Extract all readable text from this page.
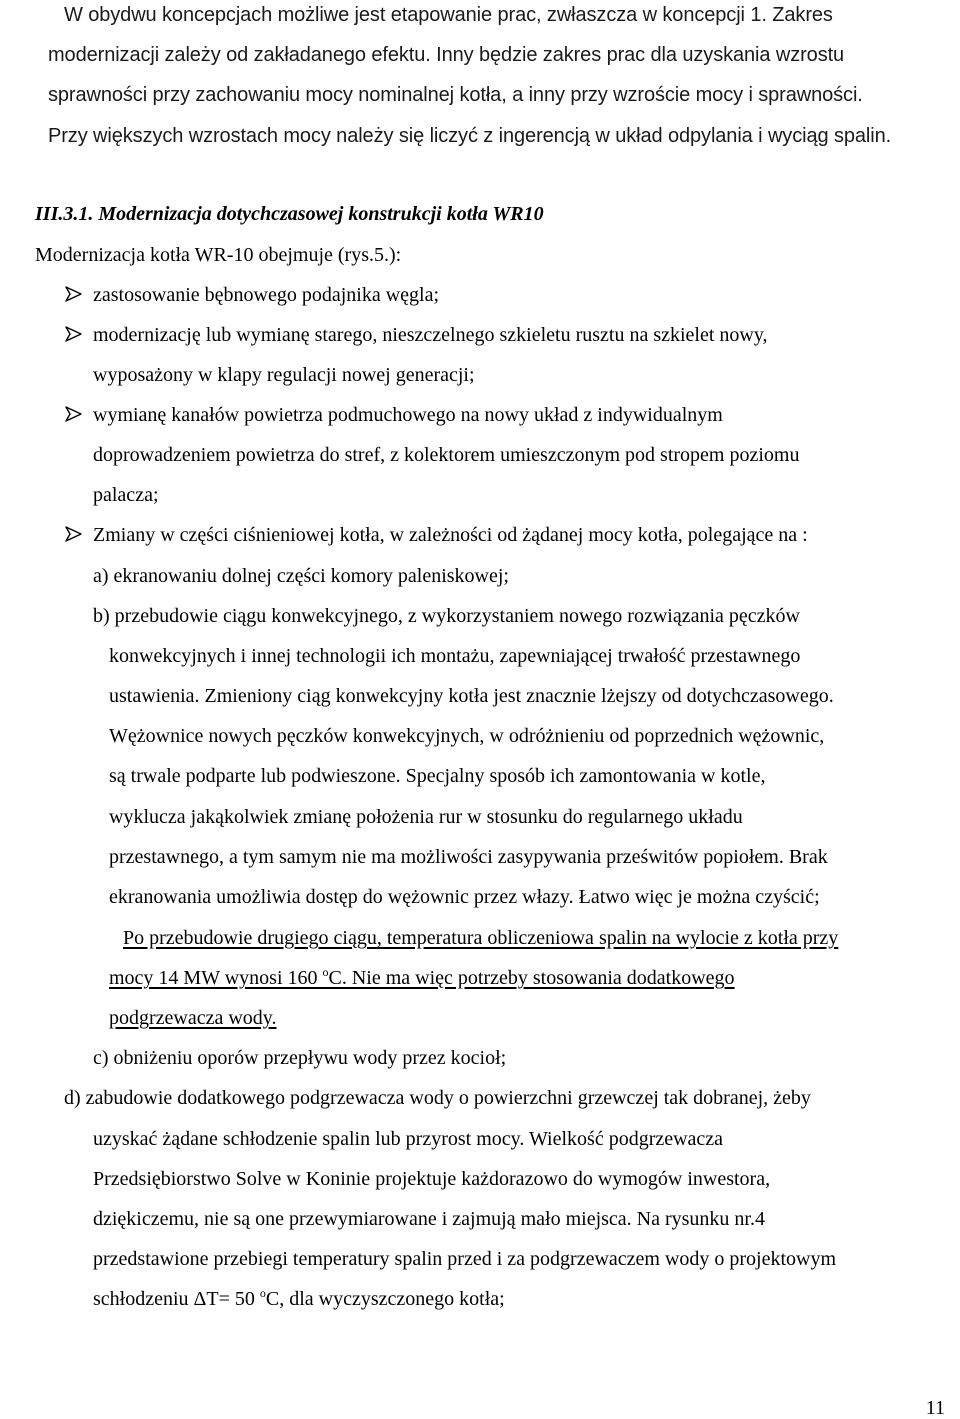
W obydwu koncepcjach możliwe jest etapowanie prac, zwłaszcza w koncepcji 1. Zakres
modernizacji zależy od zakładanego efektu. Inny będzie zakres prac dla uzyskania wzrostu
sprawności przy zachowaniu mocy nominalnej kotła, a inny przy wzroście mocy i sprawności.
Przy większych wzrostach mocy należy się liczyć z ingerencją w układ odpylania i wyciąg spalin.
III.3.1. Modernizacja dotychczasowej konstrukcji kotła WR10
Modernizacja kotła WR-10 obejmuje (rys.5.):
zastosowanie bębnowego podajnika węgla;
modernizację lub wymianę starego, nieszczelnego szkieletu rusztu na szkielet nowy,
wyposażony w klapy regulacji nowej generacji;
wymianę kanałów powietrza podmuchowego na nowy układ z indywidualnym
doprowadzeniem powietrza do stref, z kolektorem umieszczonym pod stropem poziomu
palacza;
Zmiany w części ciśnieniowej kotła, w zależności od żądanej mocy kotła, polegające na :
a) ekranowaniu dolnej części komory paleniskowej;
b) przebudowie ciągu konwekcyjnego, z wykorzystaniem nowego rozwiązania pęczków
konwekcyjnych i innej technologii ich montażu, zapewniającej trwałość przestawnego
ustawienia. Zmieniony ciąg konwekcyjny kotła jest znacznie lżejszy od dotychczasowego.
Wężownice nowych pęczków konwekcyjnych, w odróżnieniu od poprzednich wężownic,
są trwale podparte lub podwieszone. Specjalny sposób ich zamontowania w kotle,
wyklucza jakąkolwiek zmianę położenia rur w stosunku do regularnego układu
przestawnego, a tym samym nie ma możliwości zasypywania prześwitów popiołem. Brak
ekranowania umożliwia dostęp do wężownic przez włazy. Łatwo więc je można czyścić;
Po przebudowie drugiego ciągu, temperatura obliczeniowa spalin na wylocie z kotła przy
mocy 14 MW wynosi 160 $^o$C. Nie ma więc potrzeby stosowania dodatkowego
podgrzewacza wody.
c) obniżeniu oporów przepływu wody przez kocioł;
d) zabudowie dodatkowego podgrzewacza wody o powierzchni grzewczej tak dobranej, żeby
uzyskać żądane schłodzenie spalin lub przyrost mocy. Wielkość podgrzewacza
Przedsiębiorstwo Solve w Koninie projektuje każdorazowo do wymogów inwestora,
dziękiczemu, nie są one przewymiarowane i zajmują mało miejsca. Na rysunku nr.4
przedstawione przebiegi temperatury spalin przed i za podgrzewaczem wody o projektowym
schłodzeniu ΔT= 50 $^o$C, dla wyczyszczonego kotła;
11
